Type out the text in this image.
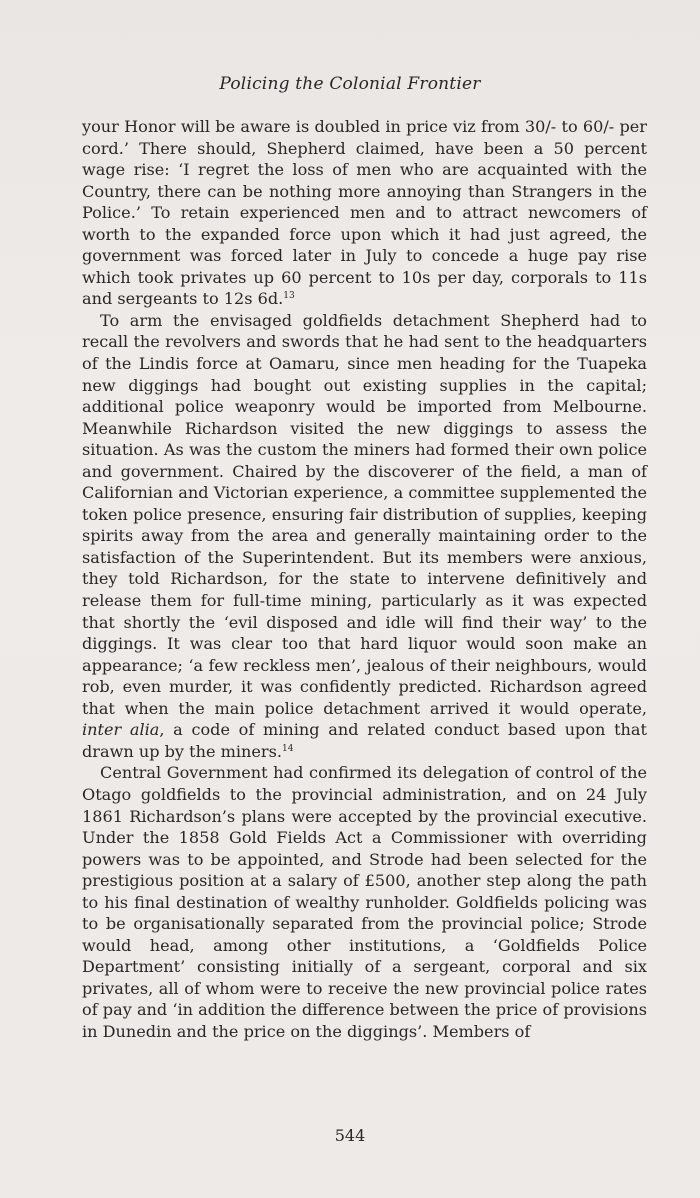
Policing the Colonial Frontier

your Honor will be aware is doubled in price viz from 30/- to 60/- per cord.’ There should, Shepherd claimed, have been a 50 percent wage rise: ‘I regret the loss of men who are acquainted with the Country, there can be nothing more annoying than Strangers in the Police.’ To retain experienced men and to attract newcomers of worth to the expanded force upon which it had just agreed, the government was forced later in July to concede a huge pay rise which took privates up 60 percent to 10s per day, corporals to 11s and sergeants to 12s 6d.$^{13}$

To arm the envisaged goldfields detachment Shepherd had to recall the revolvers and swords that he had sent to the headquarters of the Lindis force at Oamaru, since men heading for the Tuapeka new diggings had bought out existing supplies in the capital; additional police weaponry would be imported from Melbourne. Meanwhile Richardson visited the new diggings to assess the situation. As was the custom the miners had formed their own police and government. Chaired by the discoverer of the field, a man of Californian and Victorian experience, a committee supplemented the token police presence, ensuring fair distribution of supplies, keeping spirits away from the area and generally maintaining order to the satisfaction of the Superintendent. But its members were anxious, they told Richardson, for the state to intervene definitively and release them for full-time mining, particularly as it was expected that shortly the ‘evil disposed and idle will find their way’ to the diggings. It was clear too that hard liquor would soon make an appearance; ‘a few reckless men’, jealous of their neighbours, would rob, even murder, it was confidently predicted. Richardson agreed that when the main police detachment arrived it would operate, inter alia, a code of mining and related conduct based upon that drawn up by the miners.$^{14}$

Central Government had confirmed its delegation of control of the Otago goldfields to the provincial administration, and on 24 July 1861 Richardson’s plans were accepted by the provincial executive. Under the 1858 Gold Fields Act a Commissioner with overriding powers was to be appointed, and Strode had been selected for the prestigious position at a salary of £500, another step along the path to his final destination of wealthy runholder. Goldfields policing was to be organisationally separated from the provincial police; Strode would head, among other institutions, a ‘Goldfields Police Department’ consisting initially of a sergeant, corporal and six privates, all of whom were to receive the new provincial police rates of pay and ‘in addition the difference between the price of provisions in Dunedin and the price on the diggings’. Members of

544
